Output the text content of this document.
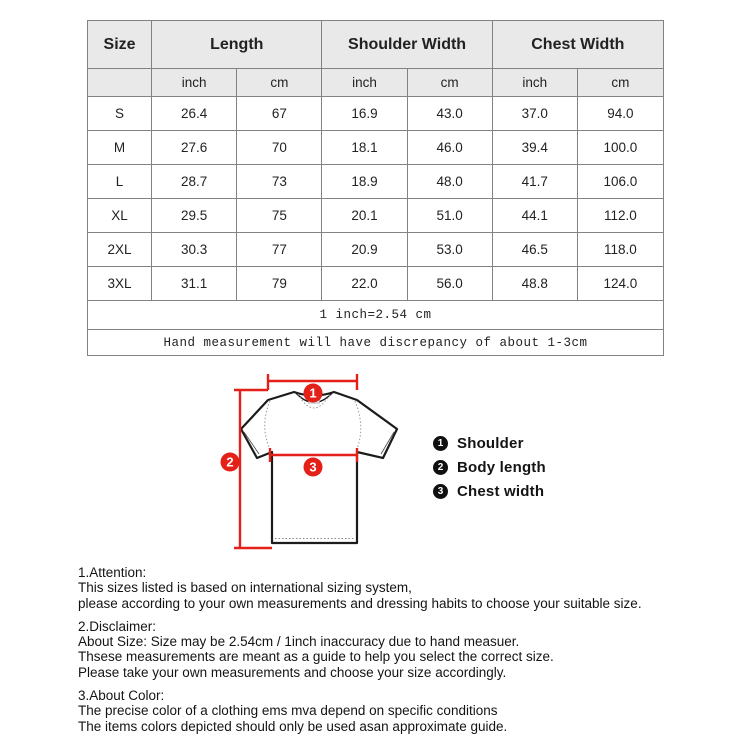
Size	Length		Shoulder Width		Chest Width	
	inch	cm	inch	cm	inch	cm
S	26.4	67	16.9	43.0	37.0	94.0
M	27.6	70	18.1	46.0	39.4	100.0
L	28.7	73	18.9	48.0	41.7	106.0
XL	29.5	75	20.1	51.0	44.1	112.0
2XL	30.3	77	20.9	53.0	46.5	118.0
3XL	31.1	79	22.0	56.0	48.8	124.0
1 inch=2.54 cm						
Hand measurement will have discrepancy of about 1-3cm						
1
2	3
1 Shoulder
2 Body length
3 Chest width
1.Attention:
This sizes listed is based on international sizing system,
please according to your own measurements and dressing habits to choose your suitable size.
2.Disclaimer:
About Size: Size may be 2.54cm / 1inch inaccuracy due to hand measuer.
Thsese measurements are meant as a guide to help you select the correct size.
Please take your own measurements and choose your size accordingly.
3.About Color:
The precise color of a clothing ems mva depend on specific conditions
The items colors depicted should only be used asan approximate guide.
